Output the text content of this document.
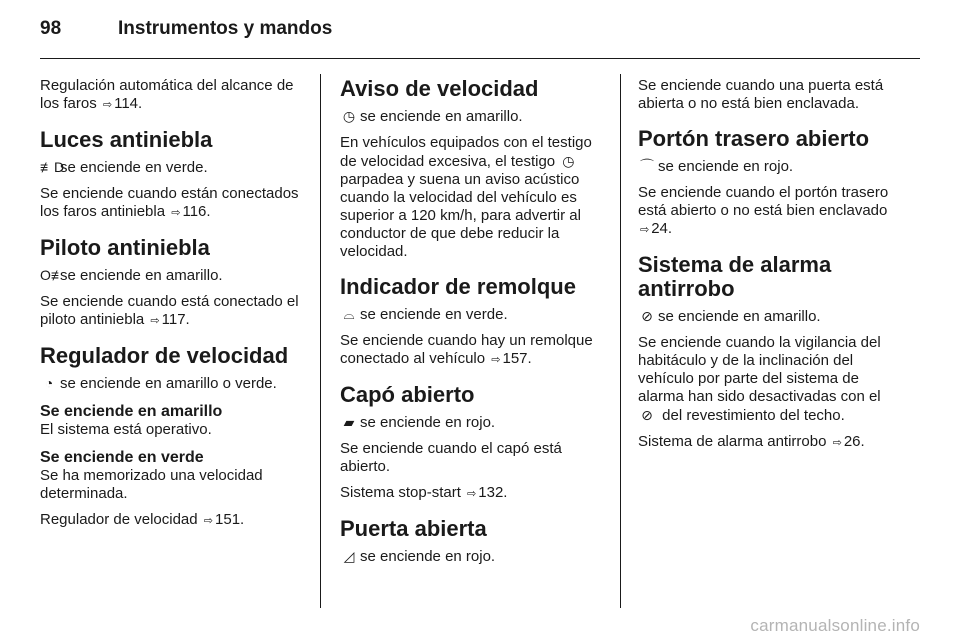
98	Instrumentos y mandos

Regulación automática del alcance de los faros ⇨ 114.

Luces antiniebla

≢Dse enciende en verde.

Se enciende cuando están conectados los faros antiniebla ⇨ 116.

Piloto antiniebla

O≢se enciende en amarillo.

Se enciende cuando está conectado el piloto antiniebla ⇨ 117.

Regulador de velocidad

◔ se enciende en amarillo o verde.

Se enciende en amarillo

El sistema está operativo.

Se enciende en verde

Se ha memorizado una velocidad determinada.

Regulador de velocidad ⇨ 151.

Aviso de velocidad

◷ se enciende en amarillo.

En vehículos equipados con el testigo de velocidad excesiva, el testigo ◷ parpadea y suena un aviso acústico cuando la velocidad del vehículo es superior a 120 km/h, para advertir al conductor de que debe reducir la velocidad.

Indicador de remolque

⌓ se enciende en verde.

Se enciende cuando hay un remolque conectado al vehículo ⇨ 157.

Capó abierto

▰ se enciende en rojo.

Se enciende cuando el capó está abierto.

Sistema stop-start ⇨ 132.

Puerta abierta

◿ se enciende en rojo.

Se enciende cuando una puerta está abierta o no está bien enclavada.

Portón trasero abierto

⌒ se enciende en rojo.

Se enciende cuando el portón trasero está abierto o no está bien enclavado ⇨ 24.

Sistema de alarma antirrobo

⊘ se enciende en amarillo.

Se enciende cuando la vigilancia del habitáculo y de la inclinación del vehículo por parte del sistema de alarma han sido desactivadas con el ⊘ del revestimiento del techo.

Sistema de alarma antirrobo ⇨ 26.

carmanualsonline.info
